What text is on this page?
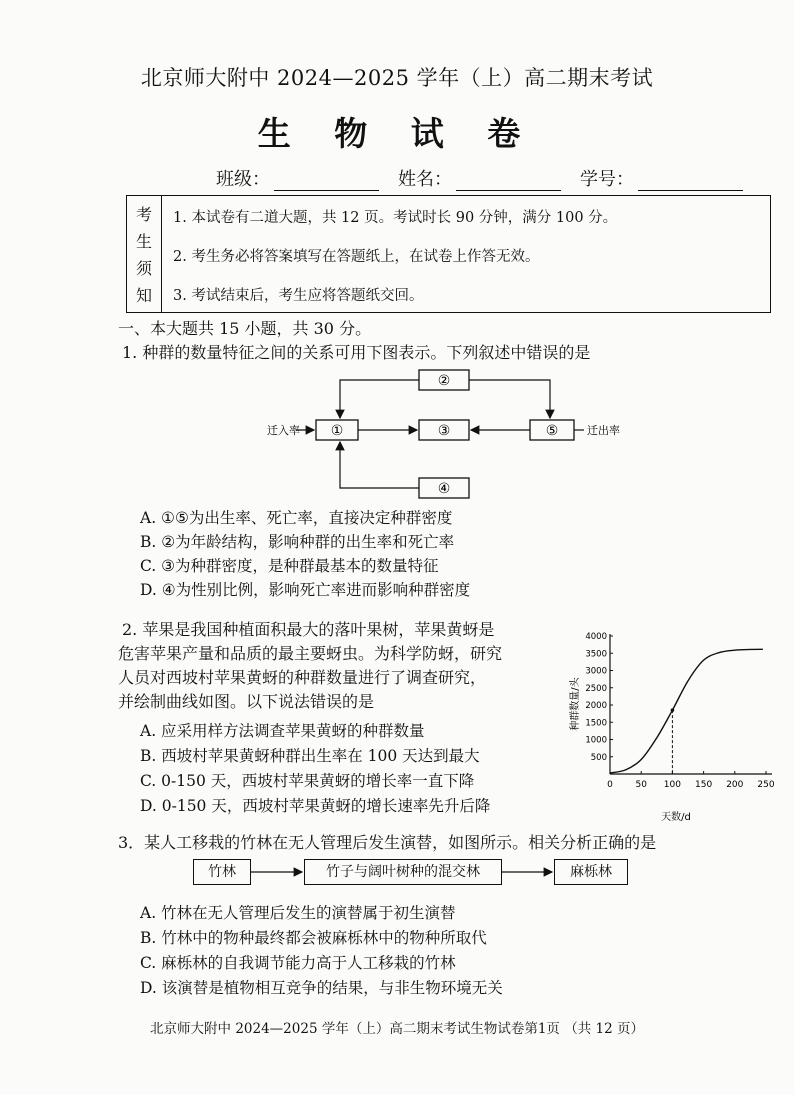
北京师大附中 2024—2025 学年（上）高二期末考试
生 物 试 卷
班级：	姓名：	学号：
考
生
须
知
1. 本试卷有二道大题，共 12 页。考试时长 90 分钟，满分 100 分。
2. 考生务必将答案填写在答题纸上，在试卷上作答无效。
3. 考试结束后，考生应将答题纸交回。
一、本大题共 15 小题，共 30 分。
1. 种群的数量特征之间的关系可用下图表示。下列叙述中错误的是
②
①	③	⑤
④
迁入率	迁出率
A. ①⑤为出生率、死亡率，直接决定种群密度
B. ②为年龄结构，影响种群的出生率和死亡率
C. ③为种群密度，是种群最基本的数量特征
D. ④为性别比例，影响死亡率进而影响种群密度
2. 苹果是我国种植面积最大的落叶果树，苹果黄蚜是
危害苹果产量和品质的最主要蚜虫。为科学防蚜，研究
人员对西坡村苹果黄蚜的种群数量进行了调查研究，
并绘制曲线如图。以下说法错误的是
A. 应采用样方法调查苹果黄蚜的种群数量
B. 西坡村苹果黄蚜种群出生率在 100 天达到最大
C. 0-150 天，西坡村苹果黄蚜的增长率一直下降
D. 0-150 天，西坡村苹果黄蚜的增长速率先升后降
0	50 100 150 200 250
500
1000
1500
2000
2500
3000
3500
4000
天数/d
种群数量/头
3．某人工移栽的竹林在无人管理后发生演替，如图所示。相关分析正确的是
竹林	竹子与阔叶树种的混交林	麻栎林
A. 竹林在无人管理后发生的演替属于初生演替
B. 竹林中的物种最终都会被麻栎林中的物种所取代
C. 麻栎林的自我调节能力高于人工移栽的竹林
D. 该演替是植物相互竞争的结果，与非生物环境无关
北京师大附中 2024—2025 学年（上）高二期末考试生物试卷第1页 （共 12 页）
